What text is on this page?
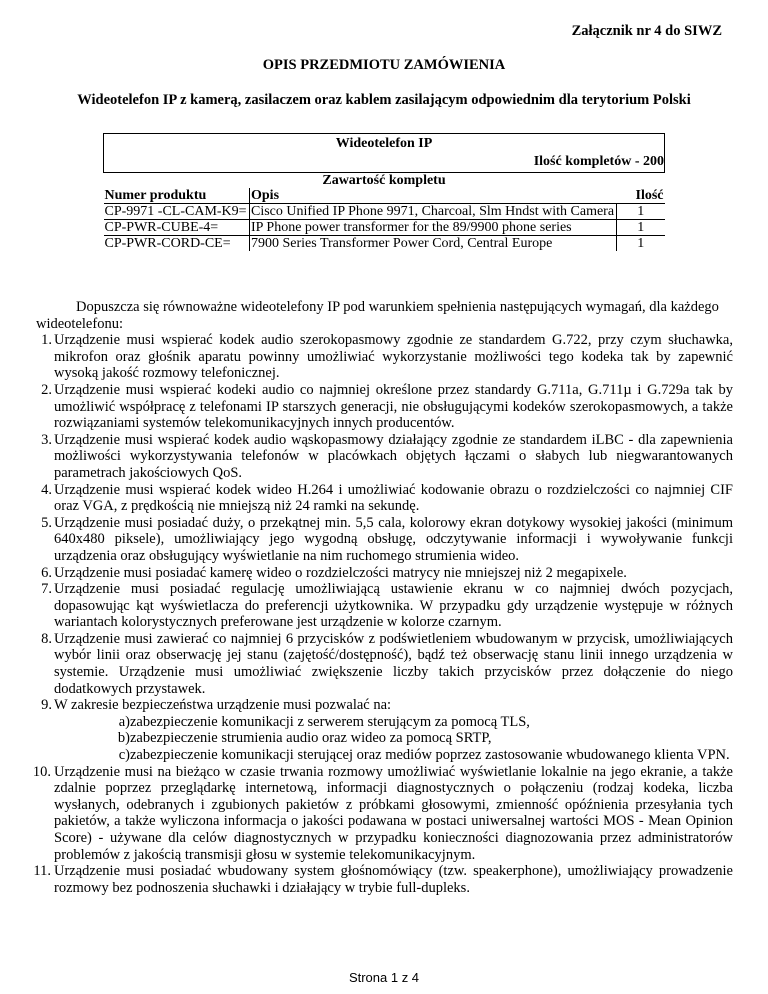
Załącznik nr 4 do SIWZ
OPIS PRZEDMIOTU ZAMÓWIENIA
Wideotelefon IP z kamerą, zasilaczem oraz kablem zasilającym odpowiednim dla terytorium Polski
Wideotelefon IP		
Ilość kompletów - 200		
Zawartość kompletu		
Numer produktu	Opis	Ilość
CP-9971 -CL-CAM-K9=	Cisco Unified IP Phone 9971, Charcoal, Slm Hndst with Camera	1
CP-PWR-CUBE-4=	IP Phone power transformer for the 89/9900 phone series	1
CP-PWR-CORD-CE=	7900 Series Transformer Power Cord, Central Europe	1

Dopuszcza się równoważne wideotelefony IP pod warunkiem spełnienia następujących wymagań, dla każdego wideotelefonu:

1. Urządzenie musi wspierać kodek audio szerokopasmowy zgodnie ze standardem G.722, przy czym słuchawka, mikrofon oraz głośnik aparatu powinny umożliwiać wykorzystanie możliwości tego kodeka tak by zapewnić wysoką jakość rozmowy telefonicznej.
2. Urządzenie musi wspierać kodeki audio co najmniej określone przez standardy G.711a, G.711µ i G.729a tak by umożliwić współpracę z telefonami IP starszych generacji, nie obsługującymi kodeków szerokopasmowych, a także rozwiązaniami systemów telekomunikacyjnych innych producentów.
3. Urządzenie musi wspierać kodek audio wąskopasmowy działający zgodnie ze standardem iLBC - dla zapewnienia możliwości wykorzystywania telefonów w placówkach objętych łączami o słabych lub niegwarantowanych parametrach jakościowych QoS.
4. Urządzenie musi wspierać kodek wideo H.264 i umożliwiać kodowanie obrazu o rozdzielczości co najmniej CIF oraz VGA, z prędkością nie mniejszą niż 24 ramki na sekundę.
5. Urządzenie musi posiadać duży, o przekątnej min. 5,5 cala, kolorowy ekran dotykowy wysokiej jakości (minimum 640x480 piksele), umożliwiający jego wygodną obsługę, odczytywanie informacji i wywoływanie funkcji urządzenia oraz obsługujący wyświetlanie na nim ruchomego strumienia wideo.
6. Urządzenie musi posiadać kamerę wideo o rozdzielczości matrycy nie mniejszej niż 2 megapixele.
7. Urządzenie musi posiadać regulację umożliwiającą ustawienie ekranu w co najmniej dwóch pozycjach, dopasowując kąt wyświetlacza do preferencji użytkownika. W przypadku gdy urządzenie występuje w różnych wariantach kolorystycznych preferowane jest urządzenie w kolorze czarnym.
8. Urządzenie musi zawierać co najmniej 6 przycisków z podświetleniem wbudowanym w przycisk, umożliwiających wybór linii oraz obserwację jej stanu (zajętość/dostępność), bądź też obserwację stanu linii innego urządzenia w systemie. Urządzenie musi umożliwiać zwiększenie liczby takich przycisków przez dołączenie do niego dodatkowych przystawek.
9. W zakresie bezpieczeństwa urządzenie musi pozwalać na:
a) zabezpieczenie komunikacji z serwerem sterującym za pomocą TLS,
b) zabezpieczenie strumienia audio oraz wideo za pomocą SRTP,
c) zabezpieczenie komunikacji sterującej oraz mediów poprzez zastosowanie wbudowanego klienta VPN.
10. Urządzenie musi na bieżąco w czasie trwania rozmowy umożliwiać wyświetlanie lokalnie na jego ekranie, a także zdalnie poprzez przeglądarkę internetową, informacji diagnostycznych o połączeniu (rodzaj kodeka, liczba wysłanych, odebranych i zgubionych pakietów z próbkami głosowymi, zmienność opóźnienia przesyłania tych pakietów, a także wyliczona informacja o jakości podawana w postaci uniwersalnej wartości MOS - Mean Opinion Score) - używane dla celów diagnostycznych w przypadku konieczności diagnozowania przez administratorów problemów z jakością transmisji głosu w systemie telekomunikacyjnym.
11. Urządzenie musi posiadać wbudowany system głośnomówiący (tzw. speakerphone), umożliwiający prowadzenie rozmowy bez podnoszenia słuchawki i działający w trybie full-dupleks.
Strona 1 z 4
